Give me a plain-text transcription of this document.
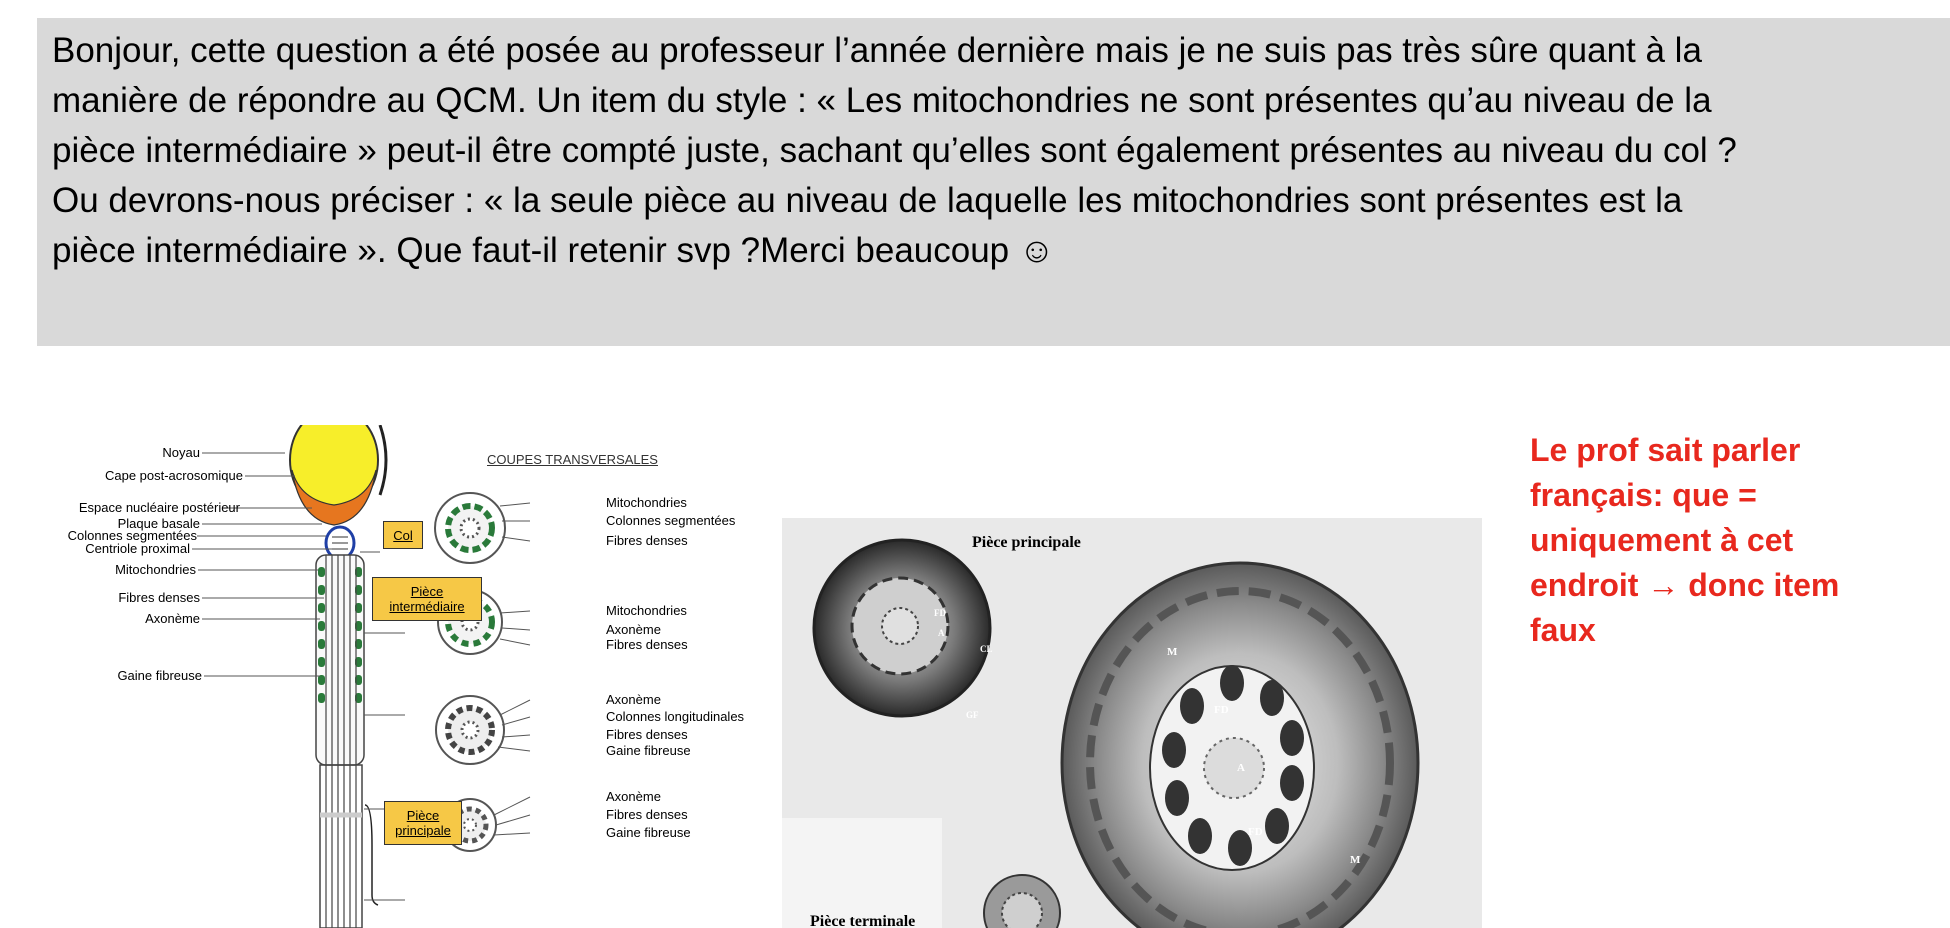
Bonjour, cette question a été posée au professeur l’année dernière mais je ne suis pas très sûre quant à la
manière de répondre au QCM. Un item du style : « Les mitochondries ne sont présentes qu’au niveau de la
pièce intermédiaire » peut-il être compté juste, sachant qu’elles sont également présentes au niveau du col ?
Ou devrons-nous préciser : « la seule pièce au niveau de laquelle les mitochondries sont présentes est la
pièce intermédiaire ». Que faut-il retenir svp ?Merci beaucoup ☺
Noyau
Cape post-acrosomique
Espace nucléaire postérieur
Plaque basale
Colonnes segmentées
Centriole proximal
Mitochondries
Fibres denses
Axonème
Gaine fibreuse
Col
Pièce
intermédiaire
Pièce
principale
COUPES TRANSVERSALES
Mitochondries
Colonnes segmentées
Fibres denses
Mitochondries
Axonème
Fibres denses
Axonème
Colonnes longitudinales
Fibres denses
Gaine fibreuse
Axonème
Fibres denses
Gaine fibreuse
Pièce principale
Pièce terminale
FD
A
CL
GF
M
FD
A
FD
M
Le prof sait parler
français: que =
uniquement à cet
endroit → donc item
faux
